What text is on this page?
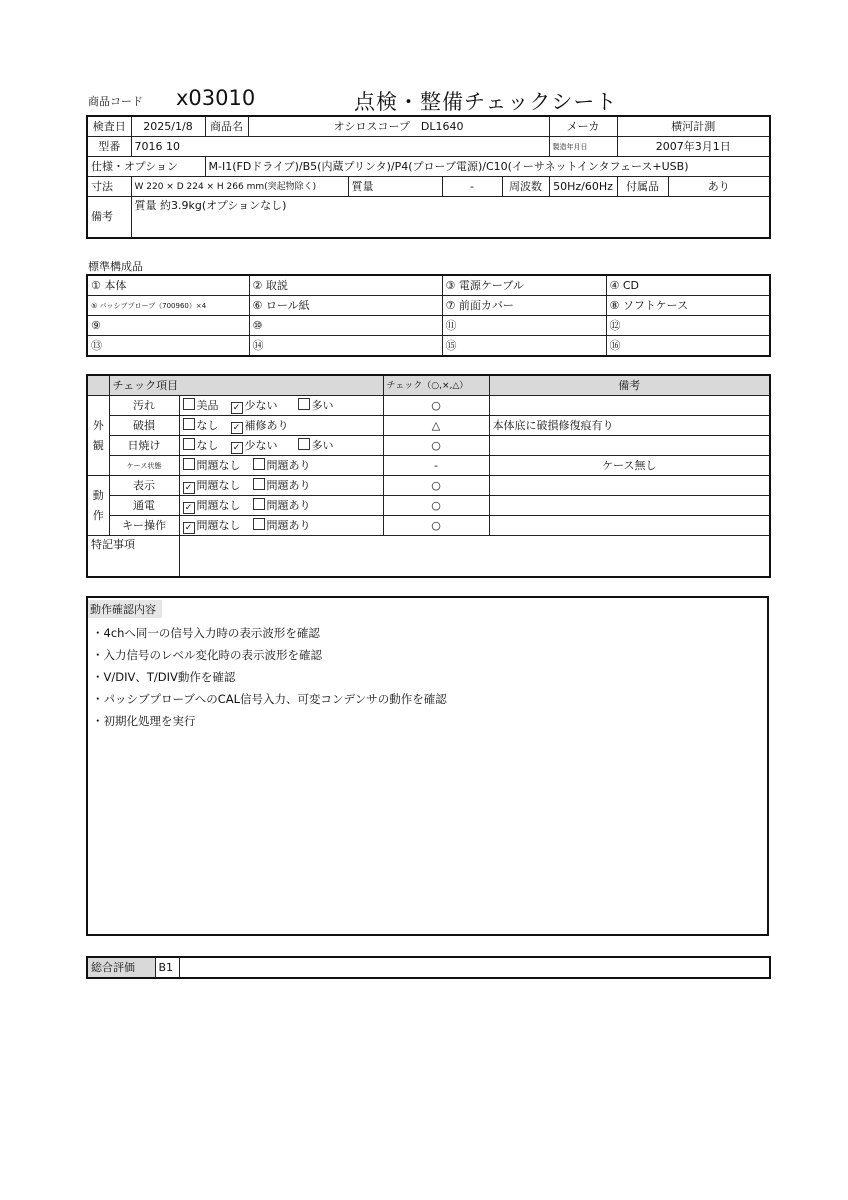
商品コード x03010	点検・整備チェックシート
検査日	2025/1/8	商品名	オシロスコープ　DL1640				メーカ	横河計測	
型番	7016 10						製造年月日	2007年3月1日	
仕様・オプション		M-I1(FDドライブ)/B5(内蔵プリンタ)/P4(プローブ電源)/C10(イーサネットインタフェース+USB)							
寸法	W 220 × D 224 × H 266 mm(突起物除く)			質量	-	周波数	50Hz/60Hz	付属品	あり
備考	質量 約3.9kg(オプションなし)								
標準構成品
① 本体	② 取説	③ 電源ケーブル	④ CD
⑤ パッシブプローブ（700960）×4	⑥ ロール紙	⑦ 前面カバー	⑧ ソフトケース
⑨	⑩	⑪	⑫
⑬	⑭	⑮	⑯
	チェック項目		チェック（○,×,△）	備考
外観	汚れ	美品 ✓ 少ない 多い	○	
	破損	なし ✓ 補修あり	△	本体底に破損修復痕有り
	日焼け	なし ✓ 少ない 多い	○	
	ケース状態	問題なし 問題あり	-	ケース無し
動作	表示	✓ 問題なし 問題あり	○	
	通電	✓ 問題なし 問題あり	○	
	キー操作	✓ 問題なし 問題あり	○	
特記事項				
動作確認内容
・4chへ同一の信号入力時の表示波形を確認
・入力信号のレベル変化時の表示波形を確認
・V/DIV、T/DIV動作を確認
・パッシブプローブへのCAL信号入力、可変コンデンサの動作を確認
・初期化処理を実行
総合評価	B1	
